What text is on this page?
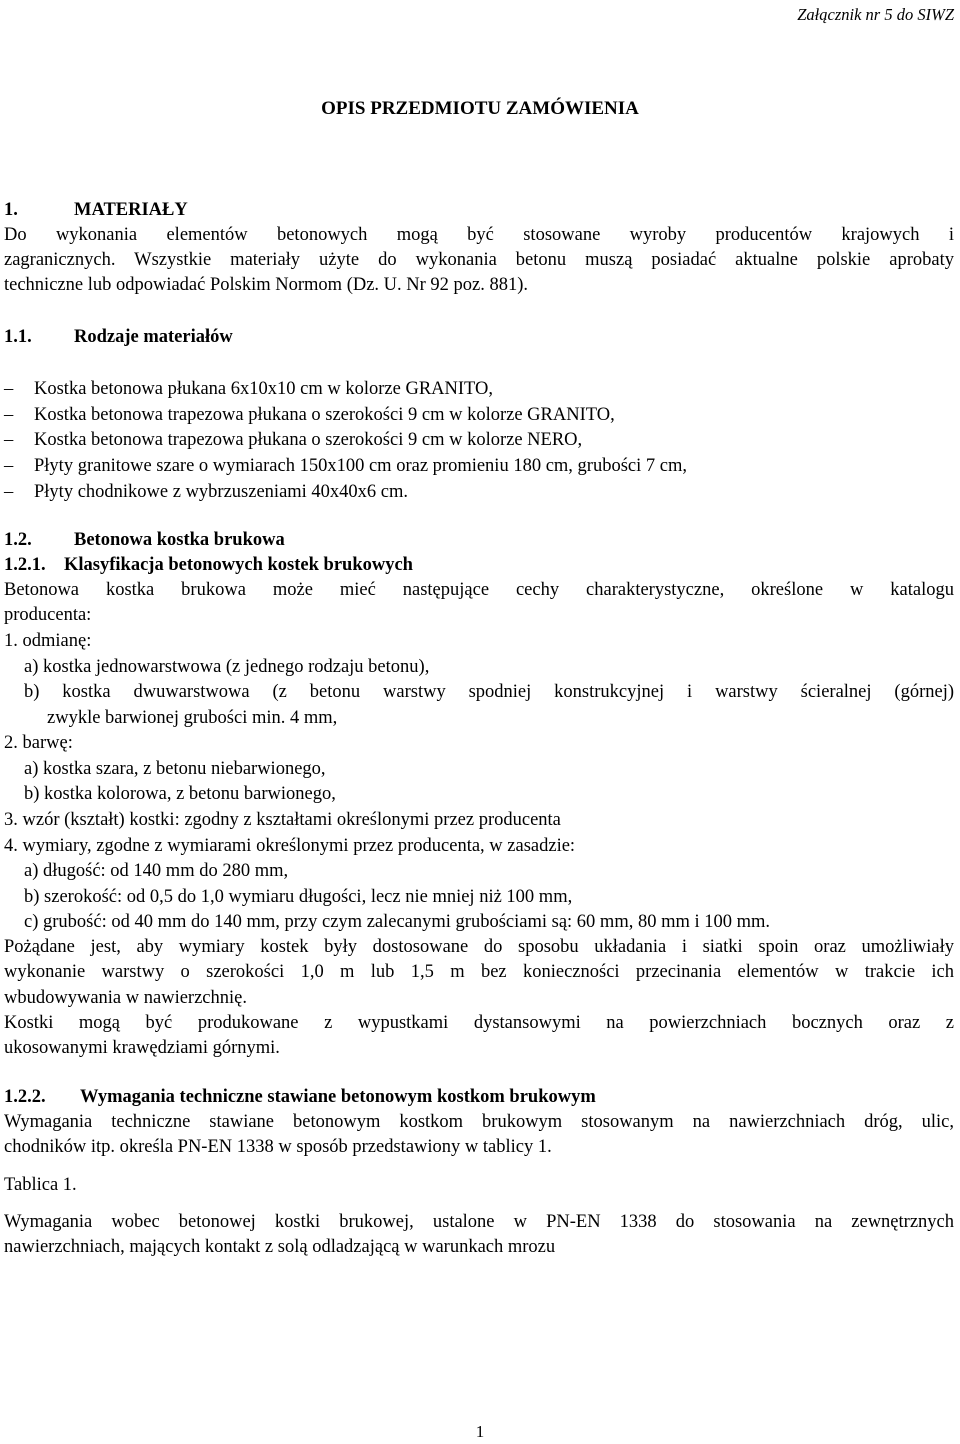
Załącznik nr 5 do SIWZ
OPIS PRZEDMIOTU ZAMÓWIENIA
1.	MATERIAŁY
Do wykonania elementów betonowych mogą być stosowane wyroby producentów krajowych i
zagranicznych. Wszystkie materiały użyte do wykonania betonu muszą posiadać aktualne polskie aprobaty
techniczne lub odpowiadać Polskim Normom (Dz. U. Nr 92 poz. 881).
1.1. Rodzaje materiałów
– Kostka betonowa płukana 6x10x10 cm w kolorze GRANITO,
– Kostka betonowa trapezowa płukana o szerokości 9 cm w kolorze GRANITO,
– Kostka betonowa trapezowa płukana o szerokości 9 cm w kolorze NERO,
– Płyty granitowe szare o wymiarach 150x100 cm oraz promieniu 180 cm, grubości 7 cm,
– Płyty chodnikowe z wybrzuszeniami 40x40x6 cm.
1.2. Betonowa kostka brukowa
1.2.1. Klasyfikacja betonowych kostek brukowych
Betonowa kostka brukowa może mieć następujące cechy charakterystyczne, określone w katalogu
producenta:
1. odmianę:
a) kostka jednowarstwowa (z jednego rodzaju betonu),
b) kostka dwuwarstwowa (z betonu warstwy spodniej konstrukcyjnej i warstwy ścieralnej (górnej)
zwykle barwionej grubości min. 4 mm,
2. barwę:
a) kostka szara, z betonu niebarwionego,
b) kostka kolorowa, z betonu barwionego,
3. wzór (kształt) kostki: zgodny z kształtami określonymi przez producenta
4. wymiary, zgodne z wymiarami określonymi przez producenta, w zasadzie:
a) długość: od 140 mm do 280 mm,
b) szerokość: od 0,5 do 1,0 wymiaru długości, lecz nie mniej niż 100 mm,
c) grubość: od 40 mm do 140 mm, przy czym zalecanymi grubościami są: 60 mm, 80 mm i 100 mm.
Pożądane jest, aby wymiary kostek były dostosowane do sposobu układania i siatki spoin oraz umożliwiały
wykonanie warstwy o szerokości 1,0 m lub 1,5 m bez konieczności przecinania elementów w trakcie ich
wbudowywania w nawierzchnię.
Kostki mogą być produkowane z wypustkami dystansowymi na powierzchniach bocznych oraz z
ukosowanymi krawędziami górnymi.
1.2.2. Wymagania techniczne stawiane betonowym kostkom brukowym
Wymagania techniczne stawiane betonowym kostkom brukowym stosowanym na nawierzchniach dróg, ulic,
chodników itp. określa PN-EN 1338 w sposób przedstawiony w tablicy 1.
Tablica 1.
Wymagania wobec betonowej kostki brukowej, ustalone w PN-EN 1338 do stosowania na zewnętrznych
nawierzchniach, mających kontakt z solą odladzającą w warunkach mrozu
1
